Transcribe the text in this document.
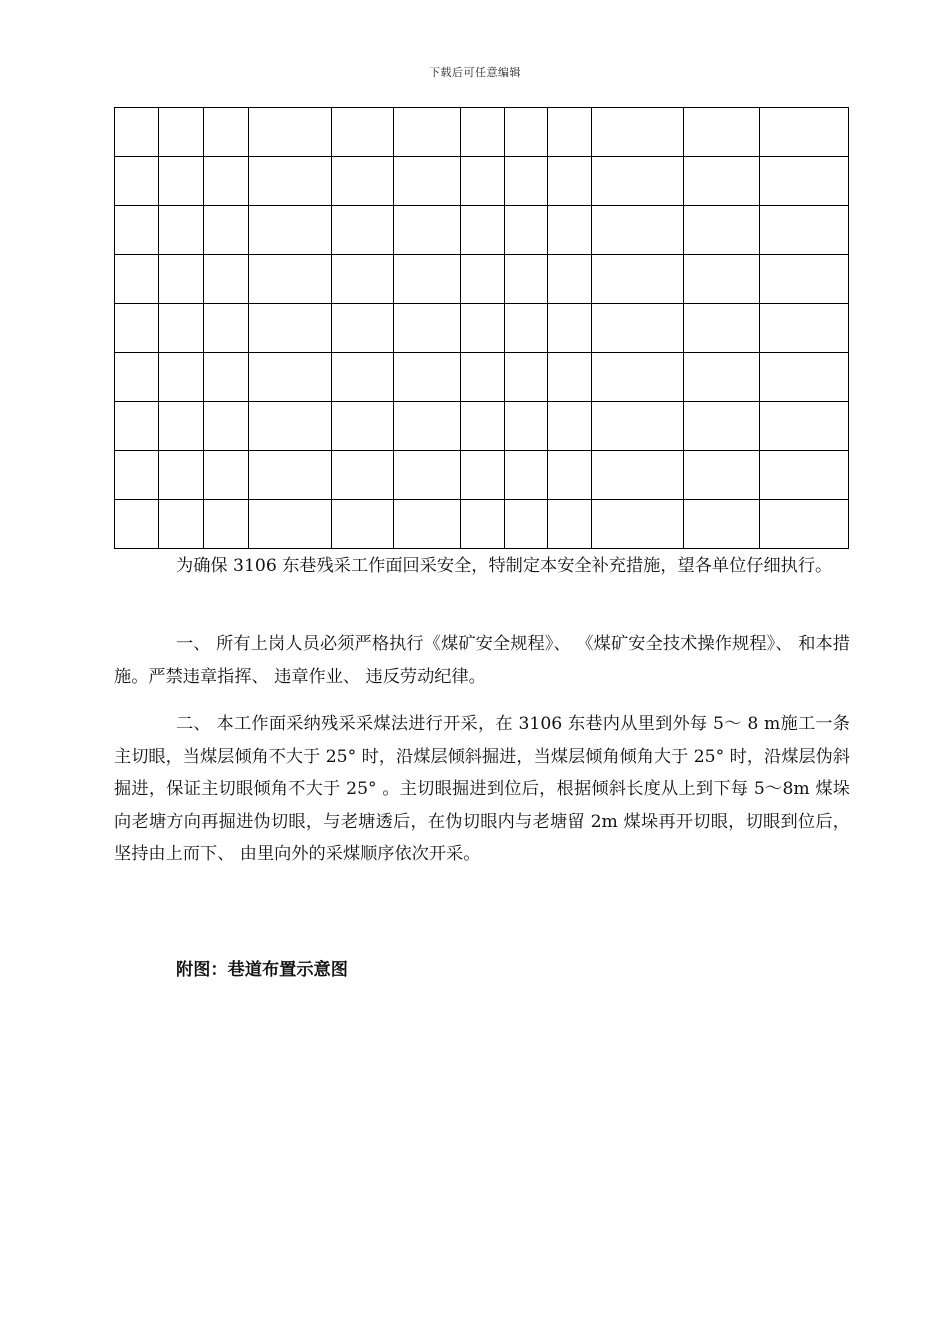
下载后可任意编辑

为确保 3106 东巷残采工作面回采安全，特制定本安全补充措施，望各单位仔细执行。

一、 所有上岗人员必须严格执行《煤矿安全规程》、 《煤矿安全技术操作规程》、 和本措施。严禁违章指挥、 违章作业、 违反劳动纪律。

二、 本工作面采纳残采采煤法进行开采，在 3106 东巷内从里到外每 5～ 8 m施工一条主切眼，当煤层倾角不大于 25° 时，沿煤层倾斜掘进，当煤层倾角倾角大于 25° 时，沿煤层伪斜掘进，保证主切眼倾角不大于 25° 。主切眼掘进到位后，根据倾斜长度从上到下每 5～8m 煤垛向老塘方向再掘进伪切眼，与老塘透后，在伪切眼内与老塘留 2m 煤垛再开切眼，切眼到位后，坚持由上而下、 由里向外的采煤顺序依次开采。

附图：巷道布置示意图
